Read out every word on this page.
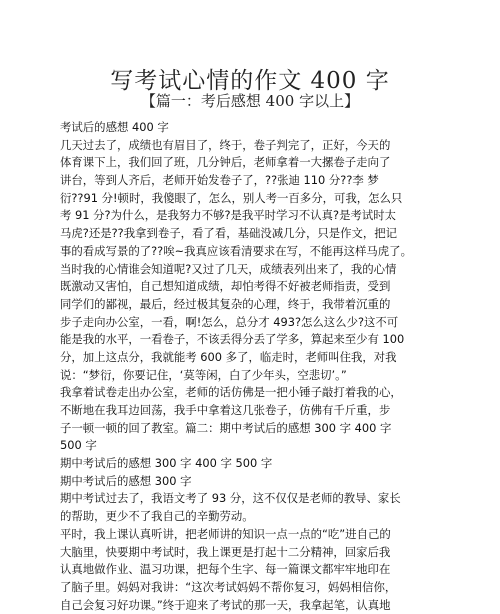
写考试心情的作文 400 字
【篇一：考后感想 400 字以上】
考试后的感想 400 字
几天过去了，成绩也有眉目了，终于，卷子判完了，正好，今天的
体育课下上，我们回了班，几分钟后，老师拿着一大摞卷子走向了
讲台，等到人齐后，老师开始发卷子了，??张迪 110 分??李 梦
衍??91 分!顿时，我傻眼了，怎么，别人考一百多分，可我，怎么只
考 91 分?为什么，是我努力不够?是我平时学习不认真?是考试时太
马虎?还是??我拿到卷子，看了看，基础没减几分，只是作文，把记
事的看成写景的了??唉~我真应该看清要求在写，不能再这样马虎了。
当时我的心情谁会知道呢?又过了几天，成绩表列出来了，我的心情
既激动又害怕，自己想知道成绩，却怕考得不好被老师指责，受到
同学们的鄙视，最后，经过极其复杂的心理，终于，我带着沉重的
步子走向办公室，一看，啊!怎么，总分才 493?怎么这么少?这不可
能是我的水平，一看卷子，不该丢得分丢了学多，算起来至少有 100
分，加上这点分，我就能考 600 多了，临走时，老师叫住我，对我
说：“梦衍，你要记住，‘莫等闲，白了少年头，空悲切’。”
我拿着试卷走出办公室，老师的话仿佛是一把小锤子敲打着我的心，
不断地在我耳边回荡，我手中拿着这几张卷子，仿佛有千斤重，步
子一顿一顿的回了教室。篇二：期中考试后的感想 300 字 400 字
500 字
期中考试后的感想 300 字 400 字 500 字
期中考试后的感想 300 字
期中考试过去了，我语文考了 93 分，这不仅仅是老师的教导、家长
的帮助，更少不了我自己的辛勤劳动。
平时，我上课认真听讲，把老师讲的知识一点一点的“吃”进自己的
大脑里，快要期中考试时，我上课更是打起十二分精神，回家后我
认真地做作业、温习功课，把每个生字、每一篇课文都牢牢地印在
了脑子里。妈妈对我讲：“这次考试妈妈不帮你复习，妈妈相信你，
自己会复习好功课。”终于迎来了考试的那一天，我拿起笔，认真地
